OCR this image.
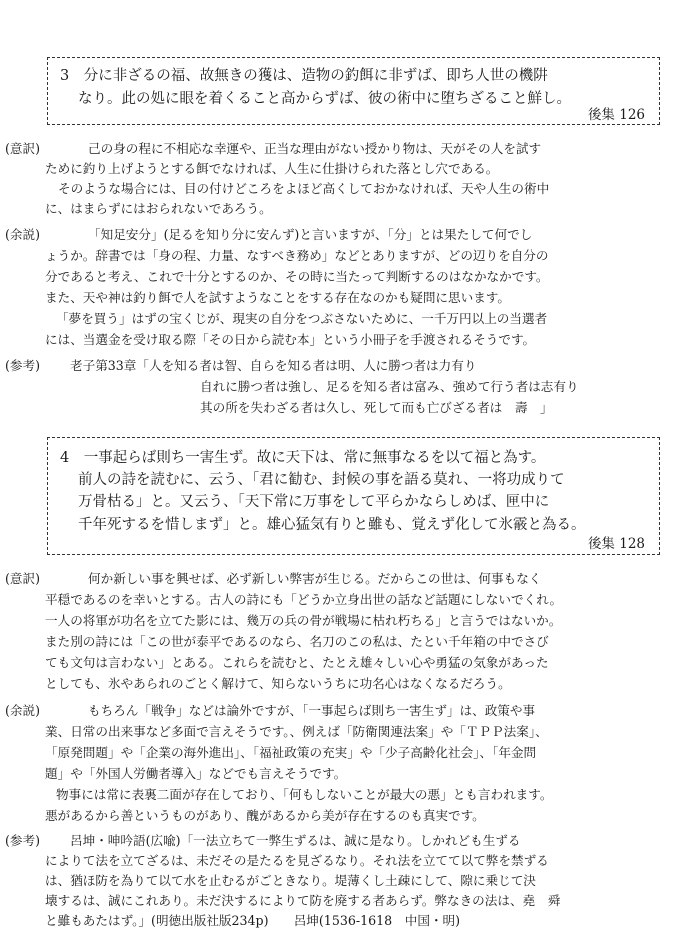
3　分に非ざるの福、故無きの獲は、造物の釣餌に非ずば、即ち人世の機阱
なり。此の処に眼を着くること高からずば、彼の術中に堕ちざること鮮し。
後集 126
(意訳)	己の身の程に不相応な幸運や、正当な理由がない授かり物は、天がその人を試す
ために釣り上げようとする餌でなければ、人生に仕掛けられた落とし穴である。
そのような場合には、目の付けどころをよほど高くしておかなければ、天や人生の術中
に、はまらずにはおられないであろう。
(余説)	「知足安分」(足るを知り分に安んず)と言いますが、「分」とは果たして何でし
ょうか。辞書では「身の程、力量、なすべき務め」などとありますが、どの辺りを自分の
分であると考え、これで十分とするのか、その時に当たって判断するのはなかなかです。
また、天や神は釣り餌で人を試すようなことをする存在なのかも疑問に思います。
「夢を買う」はずの宝くじが、現実の自分をつぶさないために、一千万円以上の当選者
には、当選金を受け取る際「その日から読む本」という小冊子を手渡されるそうです。
(参考) 老子第33章「人を知る者は智、自らを知る者は明、人に勝つ者は力有り
自れに勝つ者は強し、足るを知る者は富み、強めて行う者は志有り
其の所を失わざる者は久し、死して而も亡びざる者は　壽　」
4　一事起らば則ち一害生ず。故に天下は、常に無事なるを以て福と為す。
前人の詩を読むに、云う、「君に勧む、封候の事を語る莫れ、一将功成りて
万骨枯る」と。又云う、「天下常に万事をして平らかならしめば、匣中に
千年死するを惜しまず」と。雄心猛気有りと雖も、覚えず化して氷霰と為る。
後集 128
(意訳)	何か新しい事を興せば、必ず新しい弊害が生じる。だからこの世は、何事もなく
平穏であるのを幸いとする。古人の詩にも「どうか立身出世の話など話題にしないでくれ。
一人の将軍が功名を立てた影には、幾万の兵の骨が戦場に枯れ朽ちる」と言うではないか。
また別の詩には「この世が泰平であるのなら、名刀のこの私は、たとい千年箱の中でさび
ても文句は言わない」とある。これらを読むと、たとえ雄々しい心や勇猛の気象があった
としても、氷やあられのごとく解けて、知らないうちに功名心はなくなるだろう。
(余説)	もちろん「戦争」などは論外ですが、「一事起らば則ち一害生ず」は、政策や事
業、日常の出来事など多面で言えそうです。、例えば「防衛関連法案」や「ＴＰＰ法案」、
「原発問題」や「企業の海外進出」、「福祉政策の充実」や「少子高齢化社会」、「年金問
題」や「外国人労働者導入」などでも言えそうです。
物事には常に表裏二面が存在しており、「何もしないことが最大の悪」とも言われます。
悪があるから善というものがあり、醜があるから美が存在するのも真実です。
(参考) 呂坤・呻吟語(広喩)「一法立ちて一弊生ずるは、誠に是なり。しかれども生ずる
によりて法を立てざるは、未だその是たるを見ざるなり。それ法を立てて以て弊を禁ずる
は、猶ほ防を為りて以て水を止むるがごときなり。堤薄くし土疎にして、隙に乗じて決
壊するは、誠にこれあり。未だ決するによりて防を廃する者あらず。弊なきの法は、堯　舜
と雖もあたはず。」(明徳出版社版234p)　　呂坤(1536-1618　中国・明)
